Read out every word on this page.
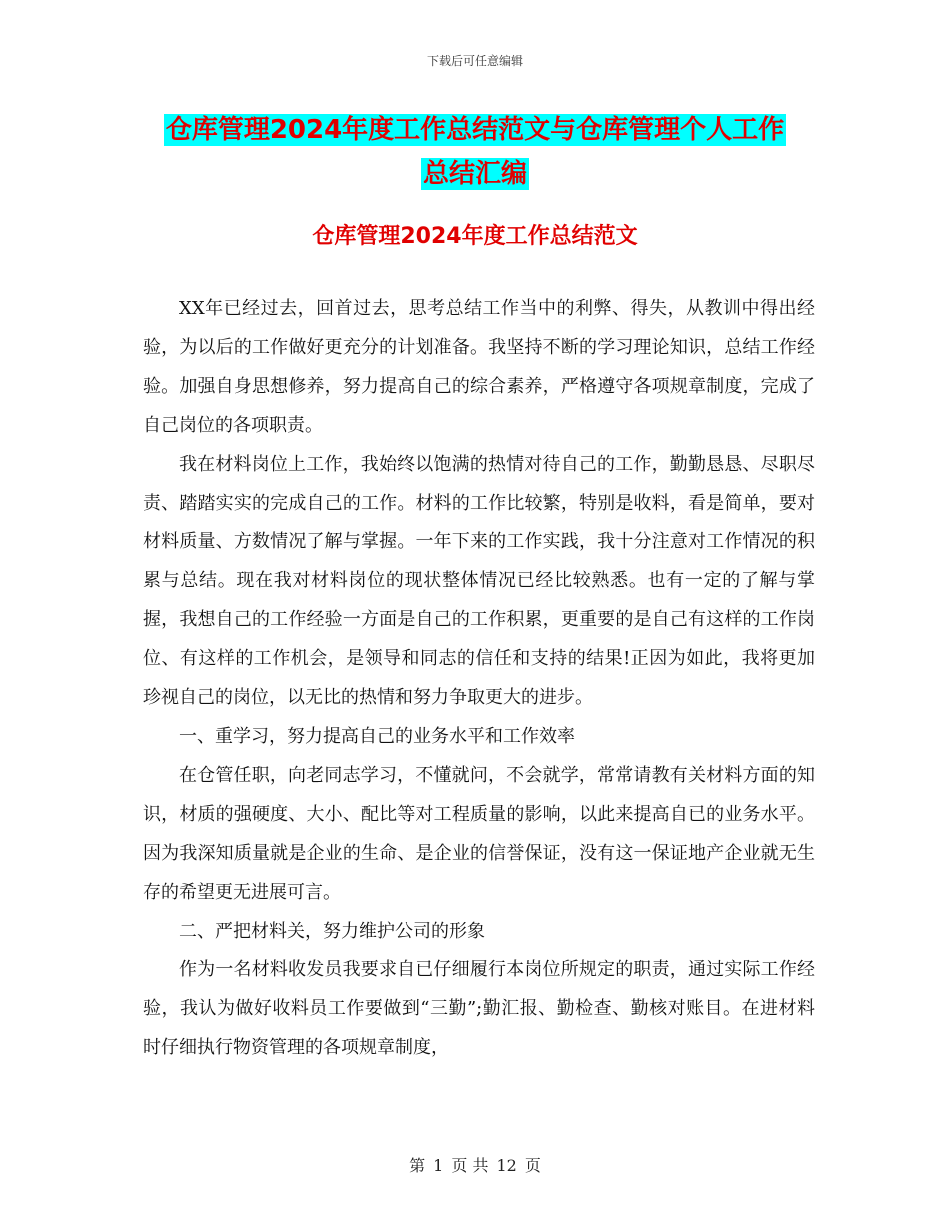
下载后可任意编辑
仓库管理2024年度工作总结范文与仓库管理个人工作
总结汇编
仓库管理2024年度工作总结范文

XX年已经过去，回首过去，思考总结工作当中的利弊、得失，从教训中得出经验，为以后的工作做好更充分的计划准备。我坚持不断的学习理论知识，总结工作经验。加强自身思想修养，努力提高自己的综合素养，严格遵守各项规章制度，完成了自己岗位的各项职责。

我在材料岗位上工作，我始终以饱满的热情对待自己的工作，勤勤恳恳、尽职尽责、踏踏实实的完成自己的工作。材料的工作比较繁，特别是收料，看是简单，要对材料质量、方数情况了解与掌握。一年下来的工作实践，我十分注意对工作情况的积累与总结。现在我对材料岗位的现状整体情况已经比较熟悉。也有一定的了解与掌握，我想自己的工作经验一方面是自己的工作积累，更重要的是自己有这样的工作岗位、有这样的工作机会，是领导和同志的信任和支持的结果!正因为如此，我将更加珍视自己的岗位，以无比的热情和努力争取更大的进步。

一、重学习，努力提高自己的业务水平和工作效率

在仓管任职，向老同志学习，不懂就问，不会就学，常常请教有关材料方面的知识，材质的强硬度、大小、配比等对工程质量的影响，以此来提高自已的业务水平。因为我深知质量就是企业的生命、是企业的信誉保证，没有这一保证地产企业就无生存的希望更无进展可言。

二、严把材料关，努力维护公司的形象

作为一名材料收发员我要求自已仔细履行本岗位所规定的职责，通过实际工作经验，我认为做好收料员工作要做到“三勤”;勤汇报、勤检查、勤核对账目。在进材料时仔细执行物资管理的各项规章制度，

第 1 页 共 12 页
